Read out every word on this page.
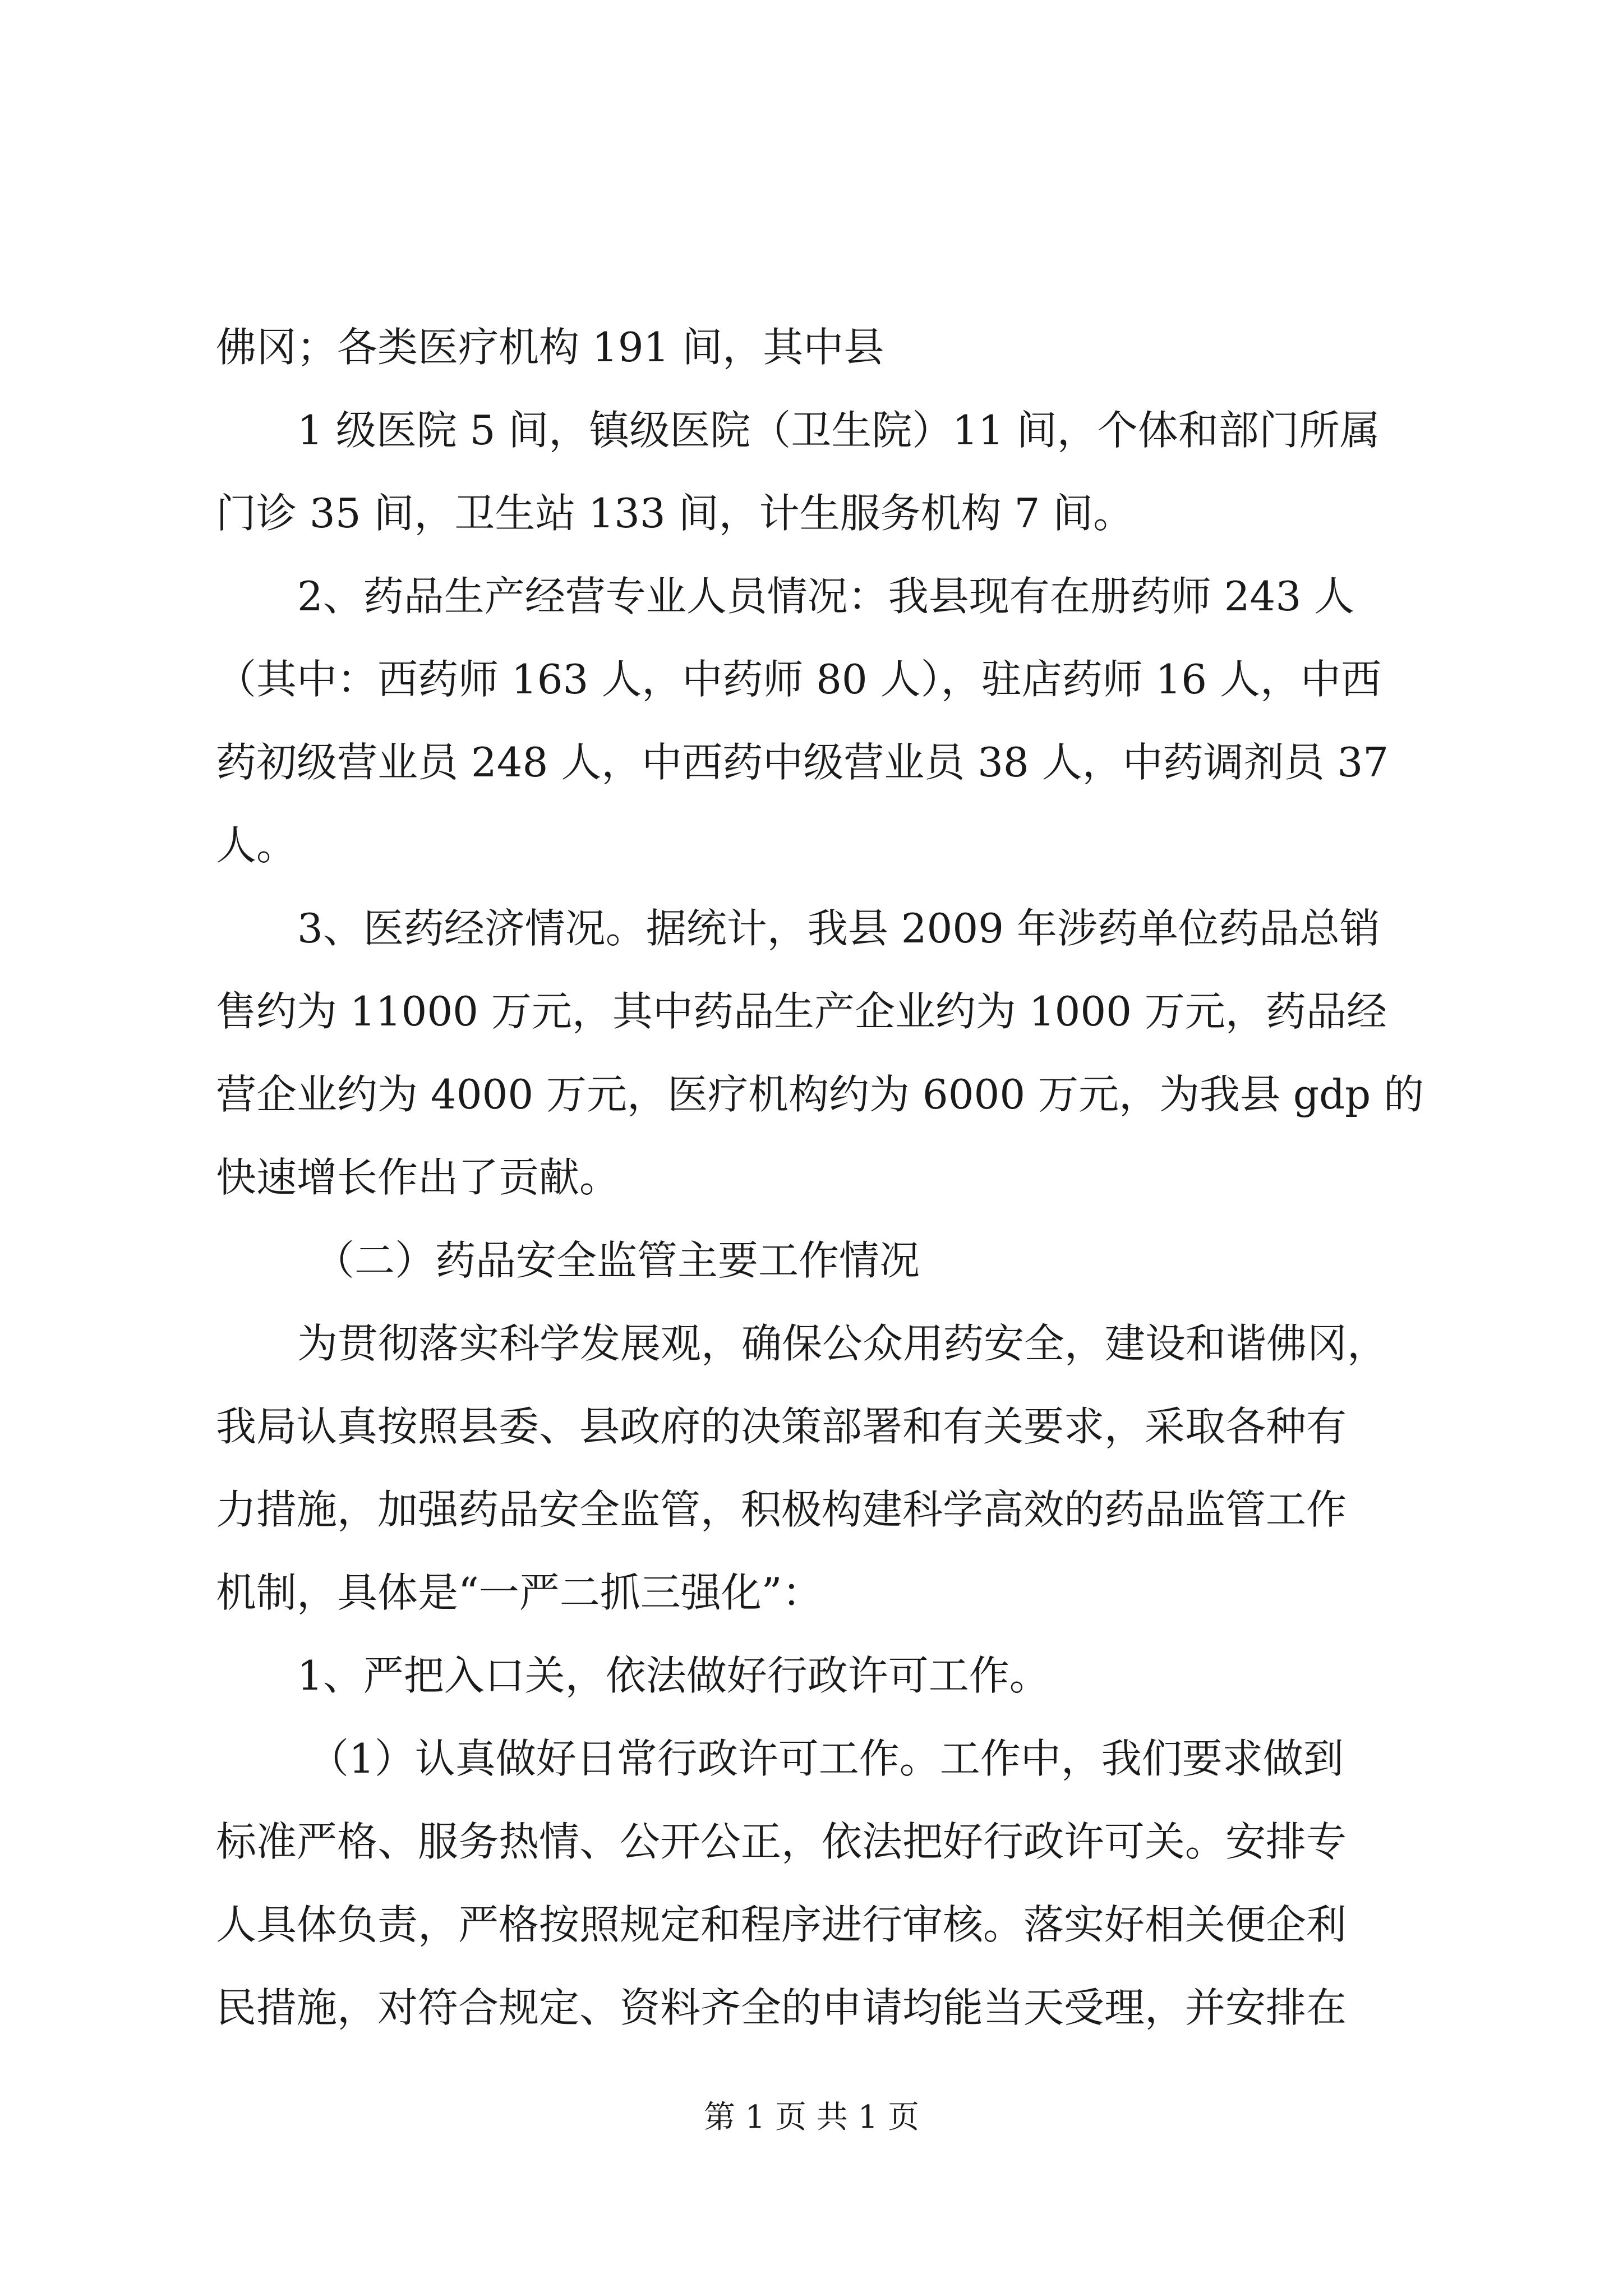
佛冈；各类医疗机构 191 间，其中县
1 级医院 5 间，镇级医院（卫生院）11 间，个体和部门所属
门诊 35 间，卫生站 133 间，计生服务机构 7 间。
2、药品生产经营专业人员情况：我县现有在册药师 243 人
（其中：西药师 163 人，中药师 80 人），驻店药师 16 人，中西
药初级营业员 248 人，中西药中级营业员 38 人，中药调剂员 37
人。
3、医药经济情况。据统计，我县 2009 年涉药单位药品总销
售约为 11000 万元，其中药品生产企业约为 1000 万元，药品经
营企业约为 4000 万元，医疗机构约为 6000 万元，为我县 gdp 的
快速增长作出了贡献。
（二）药品安全监管主要工作情况
为贯彻落实科学发展观，确保公众用药安全，建设和谐佛冈，
我局认真按照县委、县政府的决策部署和有关要求，采取各种有
力措施，加强药品安全监管，积极构建科学高效的药品监管工作
机制，具体是“一严二抓三强化”：
1、严把入口关，依法做好行政许可工作。
（1）认真做好日常行政许可工作。工作中，我们要求做到
标准严格、服务热情、公开公正，依法把好行政许可关。安排专
人具体负责，严格按照规定和程序进行审核。落实好相关便企利
民措施，对符合规定、资料齐全的申请均能当天受理，并安排在
第 1 页 共 1 页
